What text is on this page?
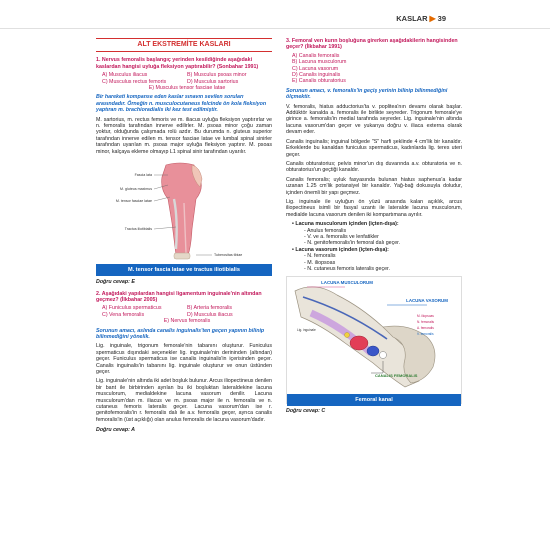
KASLAR ▶ 39
ALT EKSTREMİTE KASLARI
1. Nervus femoralis başlangıç yerinden kesildiğinde aşağıdaki kaslardan hangisi uyluğa fleksiyon yaptırabilir? (Sonbahar 1991)
A) Musculus iliacus	B) Musculus psoas minor
C) Musculus rectus femoris	D) Musculus sartorius
E) Musculus tensor fasciae latae
Bir hareketi kompanse eden kaslar sınavın sevilen soruları arasındadır. Örneğin n. musculocutaneus felcinde ön kola fleksiyon yaptıran m. brachioradialis iki kez test edilmiştir.
M. sartorius, m. rectus femoris ve m. iliacus uyluğa fleksiyon yaptırırlar ve n. femoralis tarafından innerve edilirler. M. psoas minor çoğu zaman yoktur, olduğunda çalışmada rolü azdır. Bu durumda n. gluteus superior tarafından innerve edilen m. tensor fasciae latae ve lumbal spinal sinirler tarafından uyarılan m. psoas major uyluğa fleksiyon yaptırır. M. psoas minor, kalçaya ekleme olmayıp L1 spinal sinir tarafından uyarılır.
Fascia lata
M. gluteus maximus
M. tensor fasciae latae
Tractus iliotibialis
Tuberositas tibiae
M. tensor fascia latae ve tractus iliotibialis
Doğru cevap: E
2. Aşağıdaki yapılardan hangisi ligamentum inguinale'nin altından geçmez? (İlkbahar 2005)
A) Funiculus spermaticus	B) Arteria femoralis
C) Vena femoralis	D) Musculus iliacus
E) Nervus femoralis
Sorunun amacı, aslında canalis inguinalis'ten geçen yapının bilinip bilinmediğini yönelik.
Lig. inguinale, trigonum femorale'nin tabanını oluşturur. Funiculus spermaticus dışındaki seçenekler lig. inguinale'nin derininden (altından) geçer. Funiculus spermaticus ise canalis inguinalis'in içerisinden geçer. Canalis inguinalis'in tabanını lig. inguinale oluşturur ve onun üstünden geçer.
Lig. inguinale'nin altında iki adet boşluk bulunur. Arcus iliopectineus denilen bir bant ile birbirinden ayrılan bu iki boşluktan lateraldekine lacuna musculorum, medialdekine lacuna vasorum denilir. Lacuna musculorum'dan m. iliacus ve m. psoas major ile n. femoralis ve n. cutaneus femoris lateralis geçer. Lacuna vasorum'dan ise r. genitofemoralis'in r. femoralis dalı ile a.v. femoralis geçer, ayrıca canalis femoralis'in (üst açıklığı) olan anulus femoralis de lacuna vasorum'dadır.
Doğru cevap: A
3. Femoral ven kurın boşluğuna girerken aşağıdakilerin hangisinden geçer? (İlkbahar 1991)
A) Canalis femoralis
B) Lacuna musculorum
C) Lacuna vasorum
D) Canalis inguinalis
E) Canalis obturatorius
Sorunun amacı, v. femoralis'in geçiş yerinin bilinip bilinmediğini ölçmektir.
V. femoralis, hiatus adductorius'ta v. poplitea'nın devamı olarak başlar. Addüktör kanalda a. femoralis ile birlikte seyreder. Trigonum femorale'ye girince a. femoralis'in medial tarafında seyreder. Lig. inguinale'nin altında lacuna vasorum'dan geçer ve yukarıya doğru v. iliaca externa olarak devam eder.
Canalis inguinalis; inguinal bölgede "S" harfi şeklinde 4 cm'lik bir kanaldır. Erkeklerde bu kanaldan funiculus spermaticus, kadınlarda lig. teres uteri geçer.
Canalis obturatorius; pelvis minor'un dış duvarında a.v. obturatoria ve n. obturatorius'un geçtiği kanaldır.
Canalis femoralis; uyluk fasyasında bulunan hiatus saphenus'a kadar uzanan 1.25 cm'lik potansiyel bir kanaldır. Yağ-bağ dokusuyla doludur, içinden önemli bir yapı geçmez.
Lig. inguinale ile uyluğun ön yüzü arasında kalan açıklık, arcus iliopectineus isimli bir fasyal uzantı ile lateralde lacuna musculorum, medialde lacuna vasorum denilen iki kompartımana ayrılır.
• Lacuna musculorum içinden (içten-dışa):
- Anulus femoralis
- V. ve a. femoralis ve lenfatikler
- N. genitofemoralis'in femoral dalı geçer.
• Lacuna vasorum içinden (içten-dışa):
- N. femoralis
- M. iliopsoas
- N. cutaneus femoris lateralis geçer.
LACUNA MUSCULORUM
LACUNA VASORUM
CANALIS FEMORALIS
M. iliopsoas
N. femoralis
A. femoralis
V. femoralis
Lig. inguinale
Femoral kanal
Doğru cevap: C
